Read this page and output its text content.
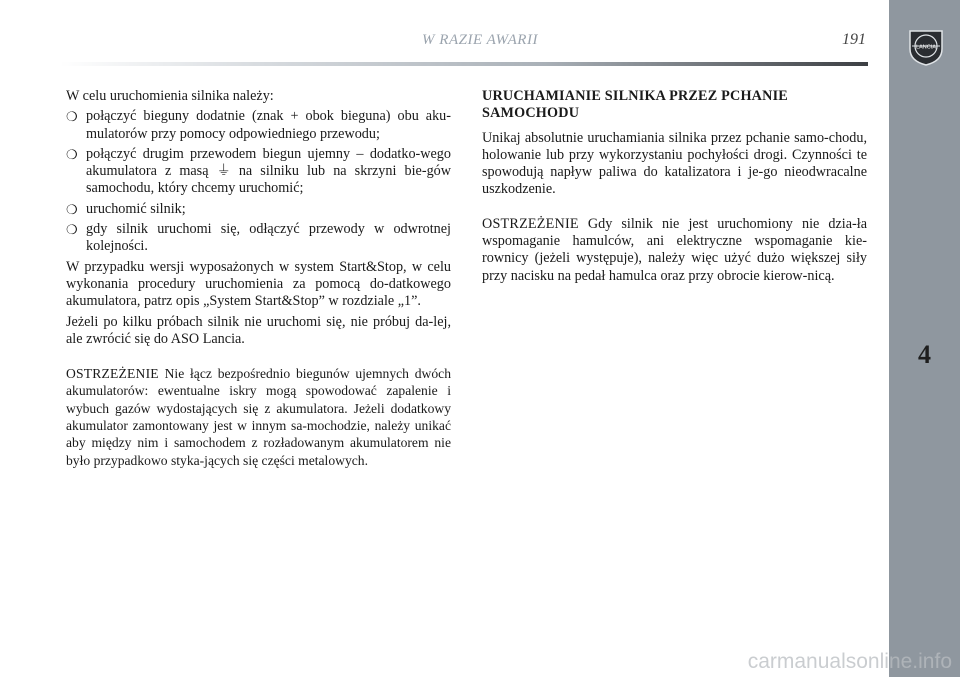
W RAZIE AWARII	191	LANCIA
4

W celu uruchomienia silnika należy:

❍ połączyć bieguny dodatnie (znak + obok bieguna) obu aku-mulatorów przy pomocy odpowiedniego przewodu;
❍ połączyć drugim przewodem biegun ujemny – dodatko-wego akumulatora z masą ⏚ na silniku lub na skrzyni bie-gów samochodu, który chcemy uruchomić;
❍ uruchomić silnik;
❍ gdy silnik uruchomi się, odłączyć przewody w odwrotnej kolejności.

W przypadku wersji wyposażonych w system Start&Stop, w celu wykonania procedury uruchomienia za pomocą do-datkowego akumulatora, patrz opis „System Start&Stop” w rozdziale „1”.

Jeżeli po kilku próbach silnik nie uruchomi się, nie próbuj da-lej, ale zwrócić się do ASO Lancia.

OSTRZEŻENIE Nie łącz bezpośrednio biegunów ujemnych dwóch akumulatorów: ewentualne iskry mogą spowodować zapalenie i wybuch gazów wydostających się z akumulatora. Jeżeli dodatkowy akumulator zamontowany jest w innym sa-mochodzie, należy unikać aby między nim i samochodem z rozładowanym akumulatorem nie było przypadkowo styka-jących się części metalowych.

URUCHAMIANIE SILNIKA PRZEZ PCHANIE SAMOCHODU

Unikaj absolutnie uruchamiania silnika przez pchanie samo-chodu, holowanie lub przy wykorzystaniu pochyłości drogi. Czynności te spowodują napływ paliwa do katalizatora i je-go nieodwracalne uszkodzenie.

OSTRZEŻENIE Gdy silnik nie jest uruchomiony nie dzia-ła wspomaganie hamulców, ani elektryczne wspomaganie kie-rownicy (jeżeli występuje), należy więc użyć dużo większej siły przy nacisku na pedał hamulca oraz przy obrocie kierow-nicą.

carmanualsonline.info
